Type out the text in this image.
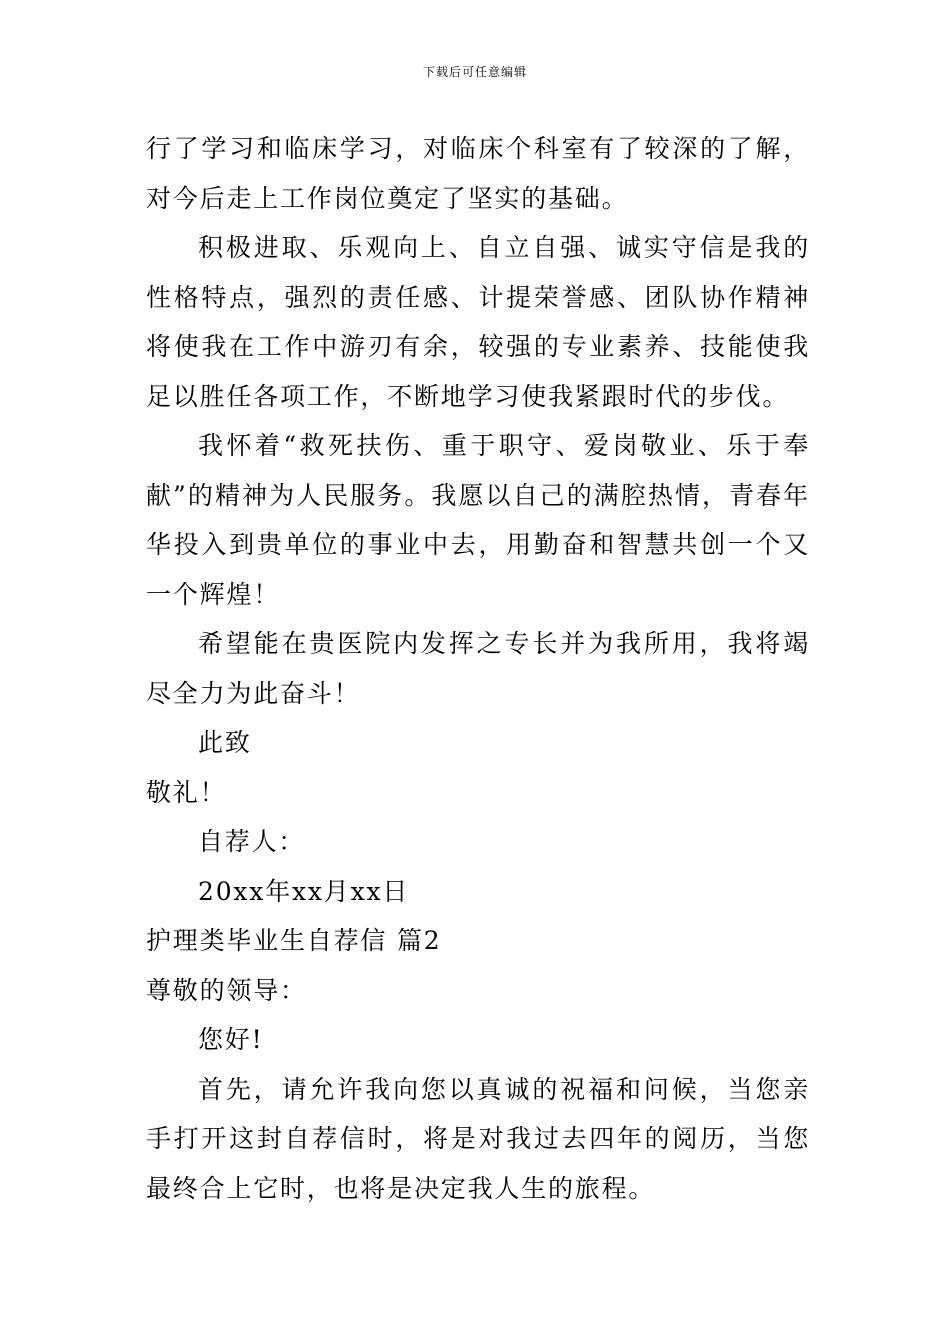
下载后可任意编辑

行了学习和临床学习，对临床个科室有了较深的了解，对今后走上工作岗位奠定了坚实的基础。

积极进取、乐观向上、自立自强、诚实守信是我的性格特点，强烈的责任感、计提荣誉感、团队协作精神将使我在工作中游刃有余，较强的专业素养、技能使我足以胜任各项工作，不断地学习使我紧跟时代的步伐。

我怀着“救死扶伤、重于职守、爱岗敬业、乐于奉献”的精神为人民服务。我愿以自己的满腔热情，青春年华投入到贵单位的事业中去，用勤奋和智慧共创一个又一个辉煌！

希望能在贵医院内发挥之专长并为我所用，我将竭尽全力为此奋斗！

此致

敬礼！

自荐人：

20xx年xx月xx日

护理类毕业生自荐信 篇2

尊敬的领导：

您好!

首先，请允许我向您以真诚的祝福和问候，当您亲手打开这封自荐信时，将是对我过去四年的阅历，当您最终合上它时，也将是决定我人生的旅程。
